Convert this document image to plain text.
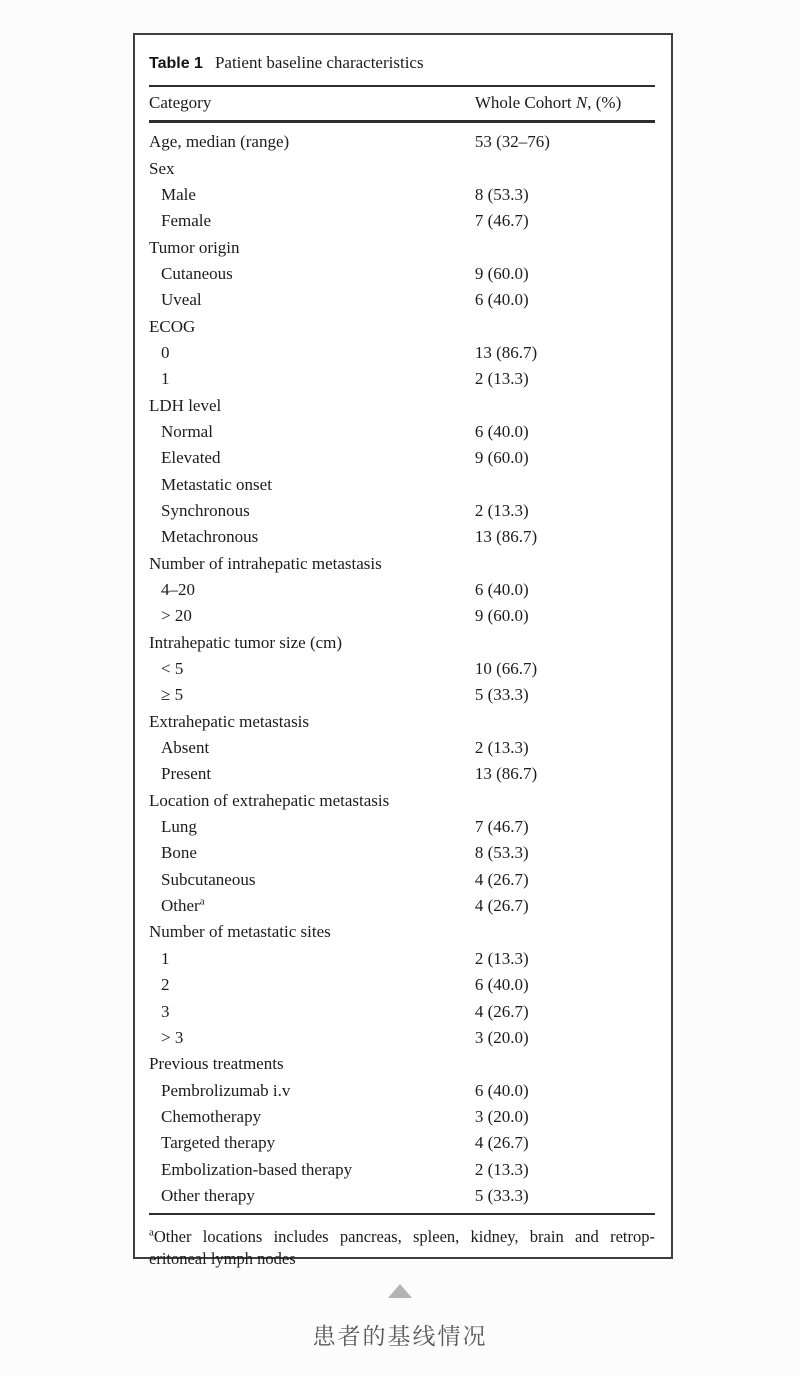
Table 1 Patient baseline characteristics
Category	Whole Cohort N, (%)
Age, median (range)	53 (32–76)
Sex
Male	8 (53.3)
Female	7 (46.7)
Tumor origin
Cutaneous	9 (60.0)
Uveal	6 (40.0)
ECOG
0	13 (86.7)
1	2 (13.3)
LDH level
Normal	6 (40.0)
Elevated	9 (60.0)
Metastatic onset
Synchronous	2 (13.3)
Metachronous	13 (86.7)
Number of intrahepatic metastasis
4–20	6 (40.0)
> 20	9 (60.0)
Intrahepatic tumor size (cm)
< 5	10 (66.7)
≥ 5	5 (33.3)
Extrahepatic metastasis
Absent	2 (13.3)
Present	13 (86.7)
Location of extrahepatic metastasis
Lung	7 (46.7)
Bone	8 (53.3)
Subcutaneous	4 (26.7)
Other$^a$	4 (26.7)
Number of metastatic sites
1	2 (13.3)
2	6 (40.0)
3	4 (26.7)
> 3	3 (20.0)
Previous treatments
Pembrolizumab i.v	6 (40.0)
Chemotherapy	3 (20.0)
Targeted therapy	4 (26.7)
Embolization-based therapy	2 (13.3)
Other therapy	5 (33.3)
$^a$Other locations includes pancreas, spleen, kidney, brain and retrop-
eritoneal lymph nodes
患者的基线情况
